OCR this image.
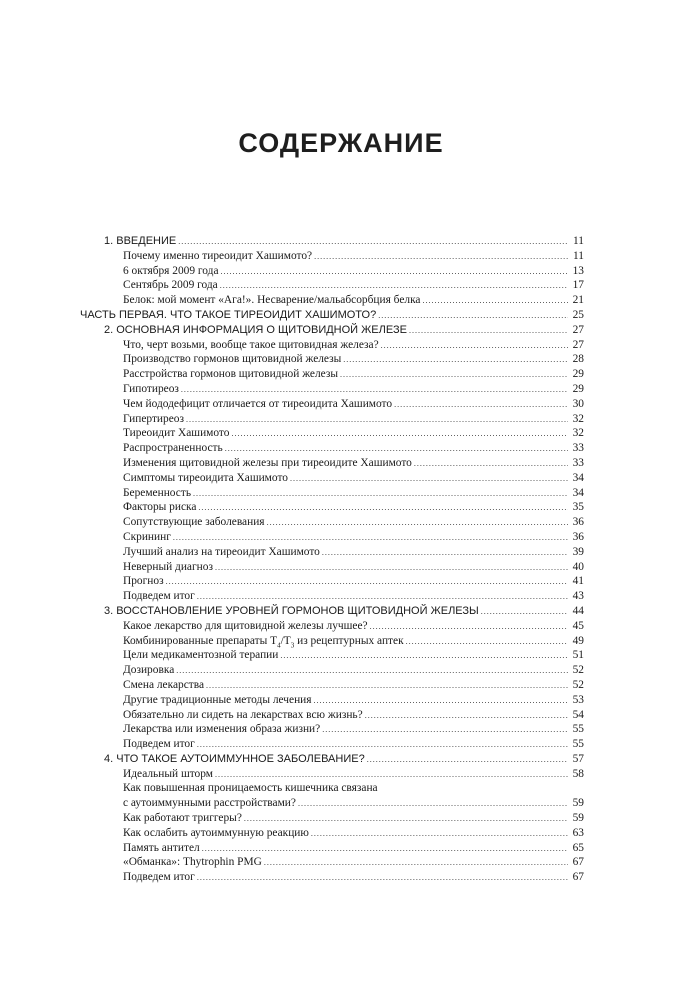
СОДЕРЖАНИЕ
1. ВВЕДЕНИЕ .....	11
Почему именно тиреоидит Хашимото? .....	11
6 октября 2009 года .....	13
Сентябрь 2009 года .....	17
Белок: мой момент «Ага!». Несварение/мальабсорбция белка .....	21
ЧАСТЬ ПЕРВАЯ. ЧТО ТАКОЕ ТИРЕОИДИТ ХАШИМОТО? .....	25
2. ОСНОВНАЯ ИНФОРМАЦИЯ О ЩИТОВИДНОЙ ЖЕЛЕЗЕ .....	27
Что, черт возьми, вообще такое щитовидная железа? .....	27
Производство гормонов щитовидной железы .....	28
Расстройства гормонов щитовидной железы .....	29
Гипотиреоз .....	29
Чем йододефицит отличается от тиреоидита Хашимото .....	30
Гипертиреоз .....	32
Тиреоидит Хашимото .....	32
Распространенность .....	33
Изменения щитовидной железы при тиреоидите Хашимото .....	33
Симптомы тиреоидита Хашимото .....	34
Беременность .....	34
Факторы риска .....	35
Сопутствующие заболевания .....	36
Скрининг .....	36
Лучший анализ на тиреоидит Хашимото .....	39
Неверный диагноз .....	40
Прогноз .....	41
Подведем итог .....	43
3. ВОССТАНОВЛЕНИЕ УРОВНЕЙ ГОРМОНОВ ЩИТОВИДНОЙ ЖЕЛЕЗЫ .....	44
Какое лекарство для щитовидной железы лучшее? .....	45
Комбинированные препараты $T_4/T_3$ из рецептурных аптек .....	49
Цели медикаментозной терапии .....	51
Дозировка .....	52
Смена лекарства .....	52
Другие традиционные методы лечения .....	53
Обязательно ли сидеть на лекарствах всю жизнь? .....	54
Лекарства или изменения образа жизни? .....	55
Подведем итог .....	55
4. ЧТО ТАКОЕ АУТОИММУННОЕ ЗАБОЛЕВАНИЕ? .....	57
Идеальный шторм .....	58
Как повышенная проницаемость кишечника связана
с аутоиммунными расстройствами? .....	59
Как работают триггеры? .....	59
Как ослабить аутоиммунную реакцию .....	63
Память антител .....	65
«Обманка»: Thytrophin PMG .....	67
Подведем итог .....	67
